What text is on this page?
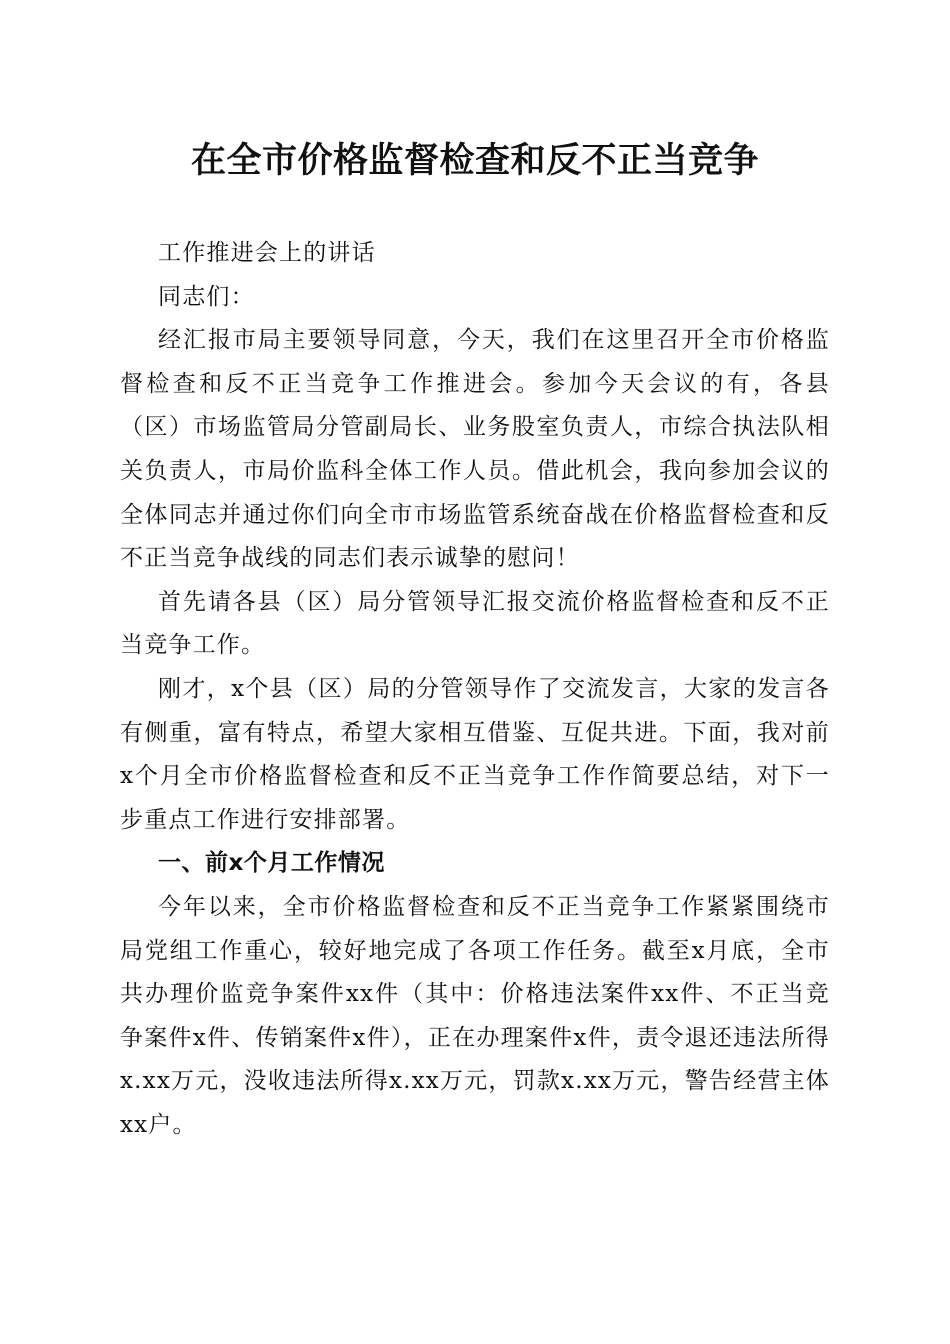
在全市价格监督检查和反不正当竞争

工作推进会上的讲话

同志们：

经汇报市局主要领导同意，今天，我们在这里召开全市价格监督检查和反不正当竞争工作推进会。参加今天会议的有，各县（区）市场监管局分管副局长、业务股室负责人，市综合执法队相关负责人，市局价监科全体工作人员。借此机会，我向参加会议的全体同志并通过你们向全市市场监管系统奋战在价格监督检查和反不正当竞争战线的同志们表示诚挚的慰问！

首先请各县（区）局分管领导汇报交流价格监督检查和反不正当竞争工作。

刚才，x个县（区）局的分管领导作了交流发言，大家的发言各有侧重，富有特点，希望大家相互借鉴、互促共进。下面，我对前x个月全市价格监督检查和反不正当竞争工作作简要总结，对下一步重点工作进行安排部署。

一、前x个月工作情况

今年以来，全市价格监督检查和反不正当竞争工作紧紧围绕市局党组工作重心，较好地完成了各项工作任务。截至x月底，全市共办理价监竞争案件xx件（其中：价格违法案件xx件、不正当竞争案件x件、传销案件x件），正在办理案件x件，责令退还违法所得x.xx万元，没收违法所得x.xx万元，罚款x.xx万元，警告经营主体xx户。
